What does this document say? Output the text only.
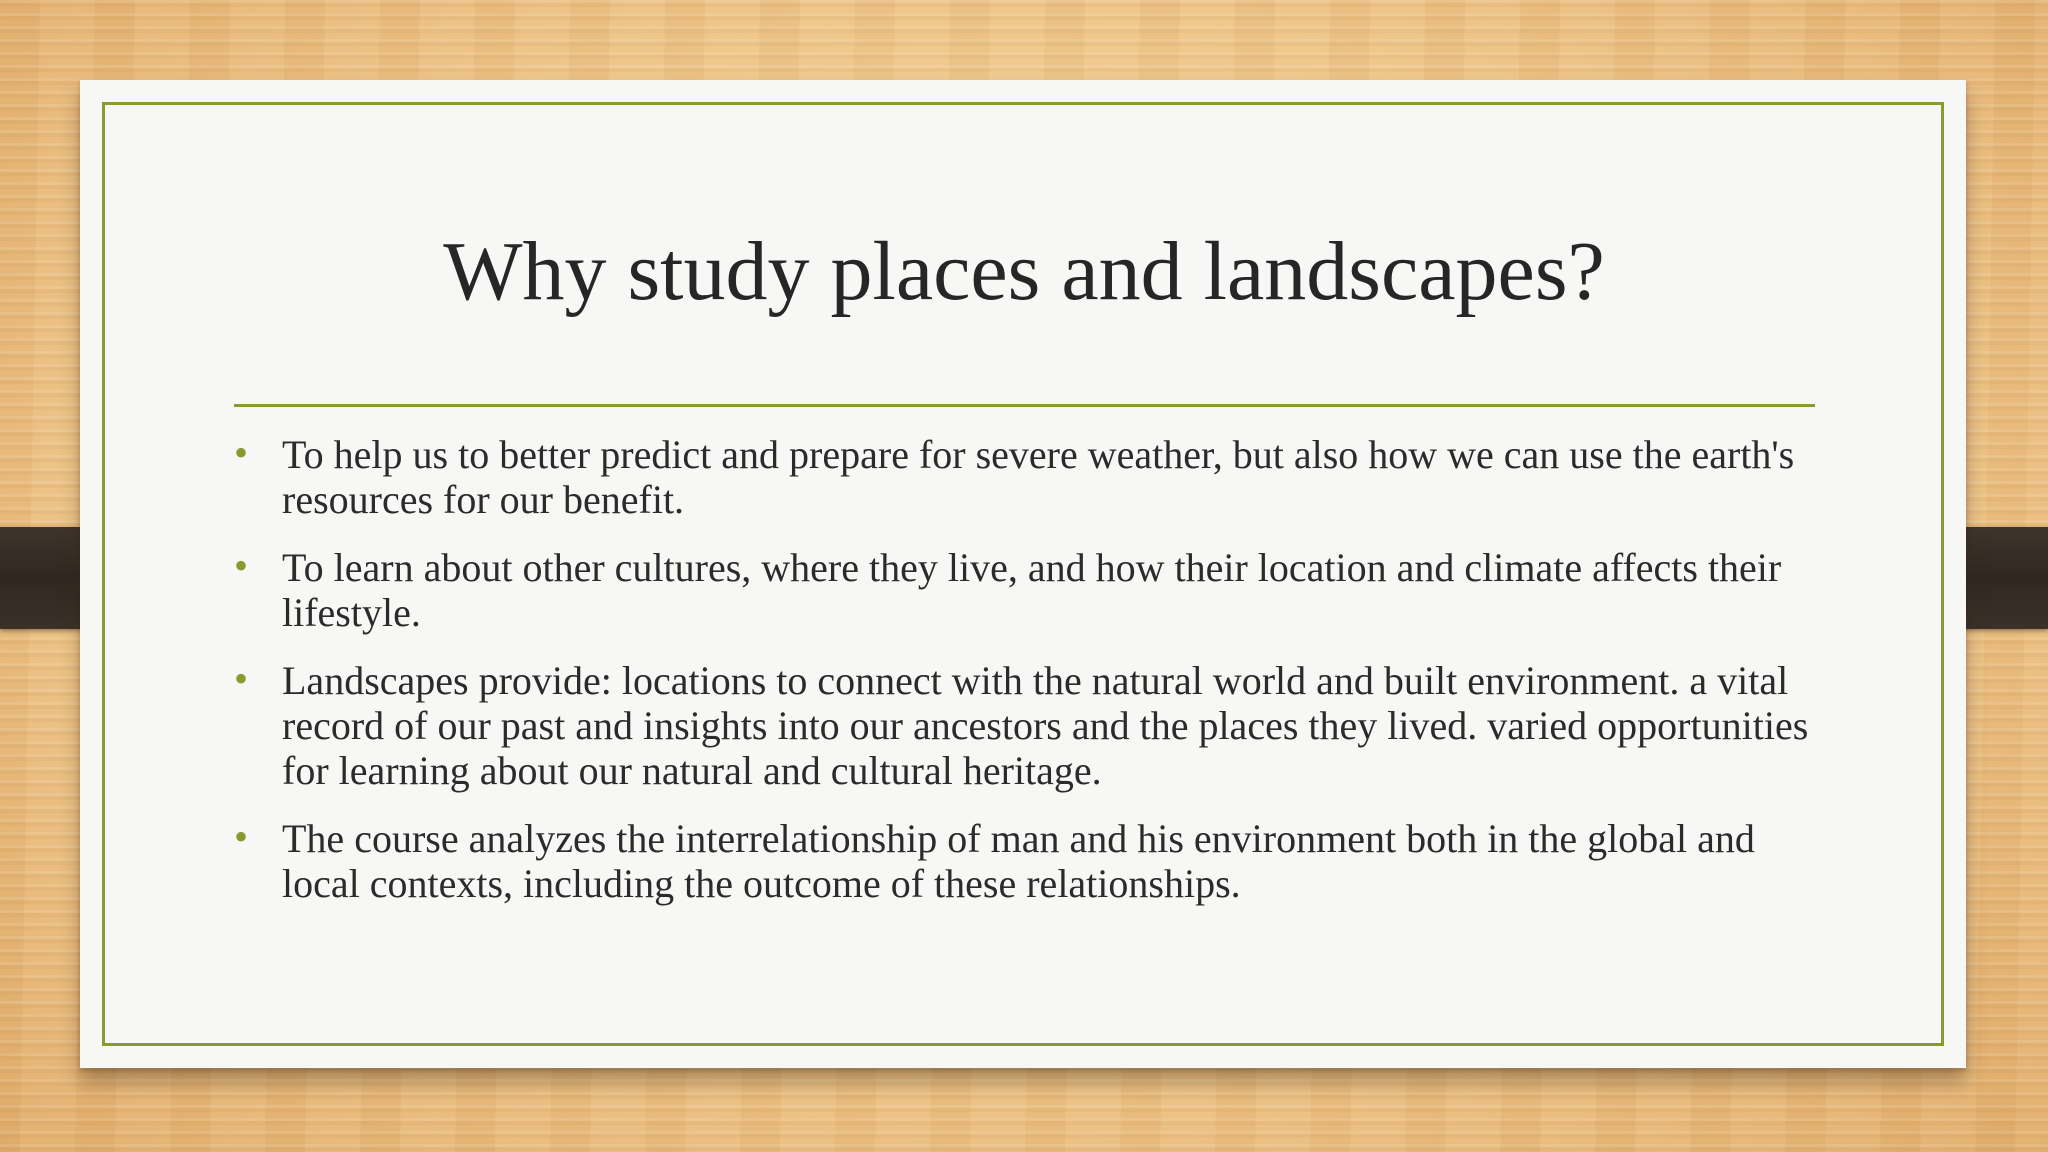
Why study places and landscapes?
• To help us to better predict and prepare for severe weather, but also how we can use the earth's resources for our benefit.
• To learn about other cultures, where they live, and how their location and climate affects their lifestyle.
• Landscapes provide: locations to connect with the natural world and built environment. a vital record of our past and insights into our ancestors and the places they lived. varied opportunities for learning about our natural and cultural heritage.
• The course analyzes the interrelationship of man and his environment both in the global and local contexts, including the outcome of these relationships.
